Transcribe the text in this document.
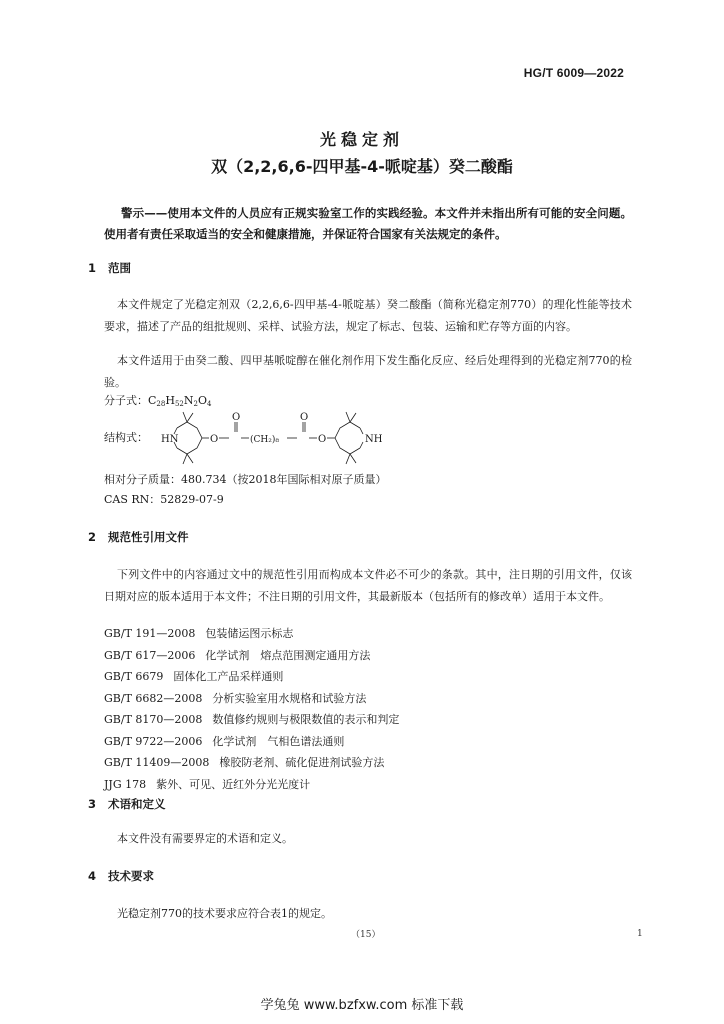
HG/T 6009—2022
光稳定剂
双（2,2,6,6-四甲基-4-哌啶基）癸二酸酯
警示——使用本文件的人员应有正规实验室工作的实践经验。本文件并未指出所有可能的安全问题。使用者有责任采取适当的安全和健康措施，并保证符合国家有关法规定的条件。
1 范围
本文件规定了光稳定剂双（2,2,6,6-四甲基-4-哌啶基）癸二酸酯（简称光稳定剂770）的理化性能等技术要求，描述了产品的组批规则、采样、试验方法，规定了标志、包装、运输和贮存等方面的内容。
本文件适用于由癸二酸、四甲基哌啶醇在催化剂作用下发生酯化反应、经后处理得到的光稳定剂770的检验。
分子式：$C_{28}H_{52}N_2O_4$
结构式： HN	O
O
(CH₂)₈
O
O	NH
相对分子质量：480.734（按2018年国际相对原子质量）
CAS RN：52829-07-9
2 规范性引用文件
下列文件中的内容通过文中的规范性引用而构成本文件必不可少的条款。其中，注日期的引用文件，仅该日期对应的版本适用于本文件；不注日期的引用文件，其最新版本（包括所有的修改单）适用于本文件。
GB/T 191—2008 包装储运图示标志
GB/T 617—2006 化学试剂　熔点范围测定通用方法
GB/T 6679 固体化工产品采样通则
GB/T 6682—2008 分析实验室用水规格和试验方法
GB/T 8170—2008 数值修约规则与极限数值的表示和判定
GB/T 9722—2006 化学试剂　气相色谱法通则
GB/T 11409—2008 橡胶防老剂、硫化促进剂试验方法
JJG 178 紫外、可见、近红外分光光度计
3 术语和定义
本文件没有需要界定的术语和定义。
4 技术要求
光稳定剂770的技术要求应符合表1的规定。
（15）	1
学兔兔 www.bzfxw.com 标准下载
